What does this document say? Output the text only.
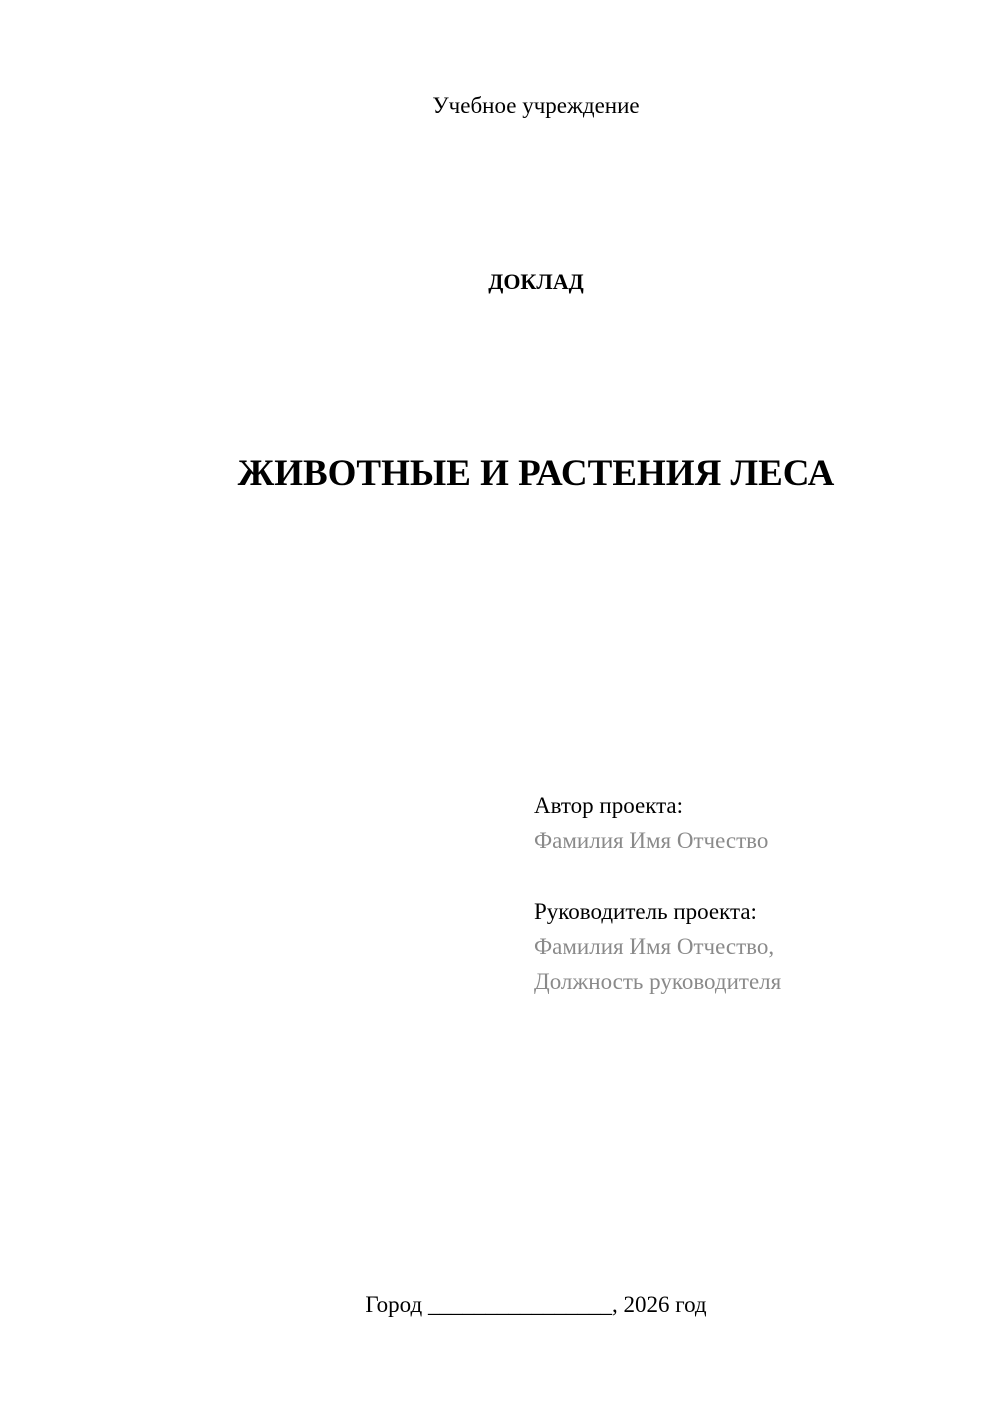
Учебное учреждение
ДОКЛАД
ЖИВОТНЫЕ И РАСТЕНИЯ ЛЕСА
Автор проекта:
Фамилия Имя Отчество
Руководитель проекта:
Фамилия Имя Отчество,
Должность руководителя
Город ________________, 2026 год
